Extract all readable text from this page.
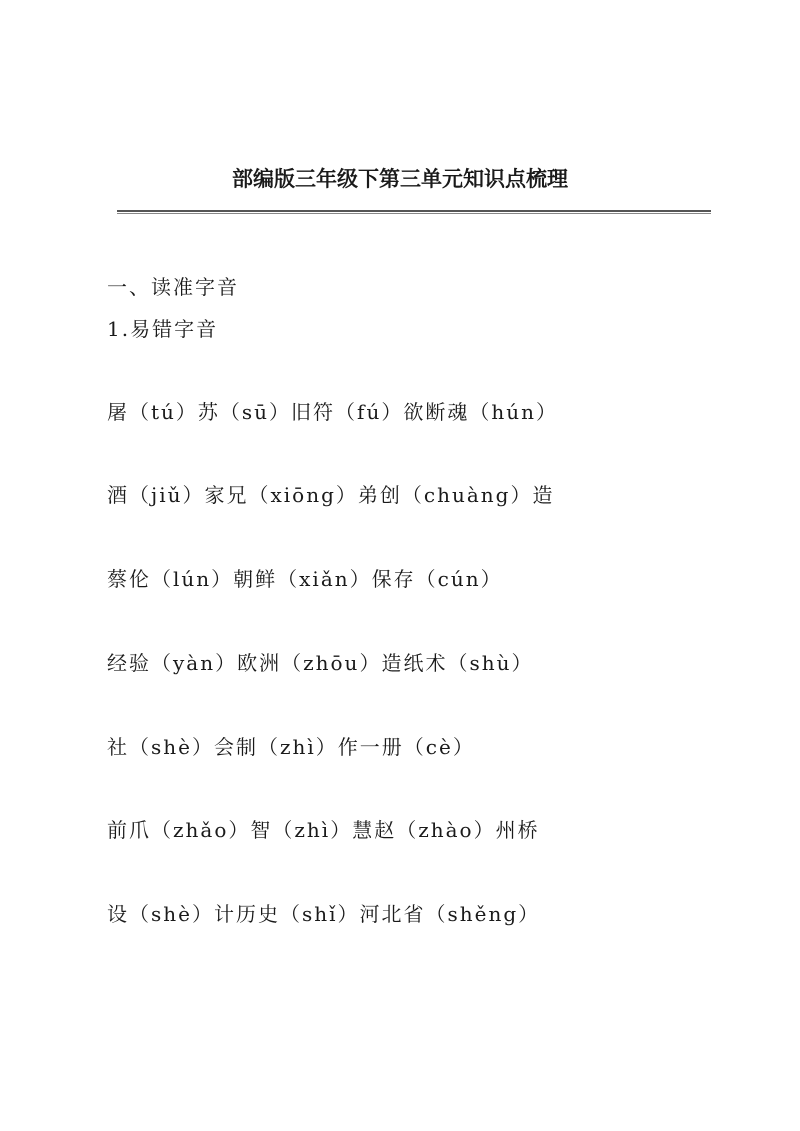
部编版三年级下第三单元知识点梳理
一、读准字音
1.易错字音
屠（tú）苏（sū）旧符（fú）欲断魂（hún）
酒（jiǔ）家兄（xiōng）弟创（chuàng）造
蔡伦（lún）朝鲜（xiǎn）保存（cún）
经验（yàn）欧洲（zhōu）造纸术（shù）
社（shè）会制（zhì）作一册（cè）
前爪（zhǎo）智（zhì）慧赵（zhào）州桥
设（shè）计历史（shǐ）河北省（shěng）
